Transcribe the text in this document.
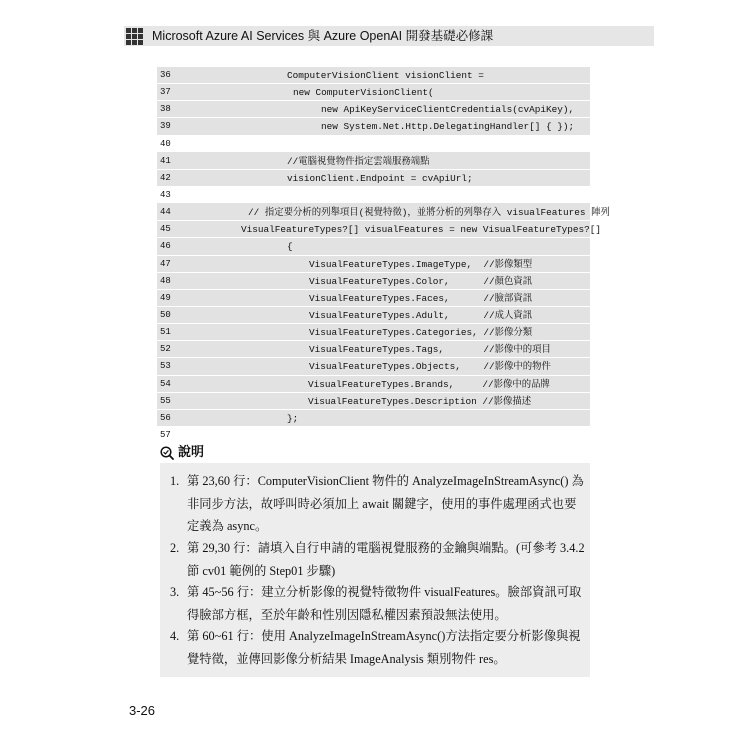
Microsoft Azure AI Services 與 Azure OpenAI 開發基礎必修課
36	ComputerVisionClient visionClient =
37	new ComputerVisionClient(
38	new ApiKeyServiceClientCredentials(cvApiKey),
39	new System.Net.Http.DelegatingHandler[] { });
40
41	//電腦視覺物件指定雲端服務端點
42	visionClient.Endpoint = cvApiUrl;
43
44	// 指定要分析的列舉項目(視覺特徵)，並將分析的列舉存入 visualFeatures 陣列
45	VisualFeatureTypes?[] visualFeatures = new VisualFeatureTypes?[]
46	{
47	VisualFeatureTypes.ImageType,  //影像類型
48	VisualFeatureTypes.Color,      //顏色資訊
49	VisualFeatureTypes.Faces,      //臉部資訊
50	VisualFeatureTypes.Adult,      //成人資訊
51	VisualFeatureTypes.Categories, //影像分類
52	VisualFeatureTypes.Tags,       //影像中的項目
53	VisualFeatureTypes.Objects,    //影像中的物件
54	VisualFeatureTypes.Brands,     //影像中的品牌
55	VisualFeatureTypes.Description //影像描述
56	};
57
說明
1. 第 23,60 行：ComputerVisionClient 物件的 AnalyzeImageInStreamAsync() 為非同步方法，故呼叫時必須加上 await 關鍵字，使用的事件處理函式也要定義為 async。
2. 第 29,30 行：請填入自行申請的電腦視覺服務的金鑰與端點。(可參考 3.4.2 節 cv01 範例的 Step01 步驟)
3. 第 45~56 行：建立分析影像的視覺特徵物件 visualFeatures。臉部資訊可取得臉部方框，至於年齡和性別因隱私權因素預設無法使用。
4. 第 60~61 行：使用 AnalyzeImageInStreamAsync()方法指定要分析影像與視覺特徵，並傳回影像分析結果 ImageAnalysis 類別物件 res。
3-26
